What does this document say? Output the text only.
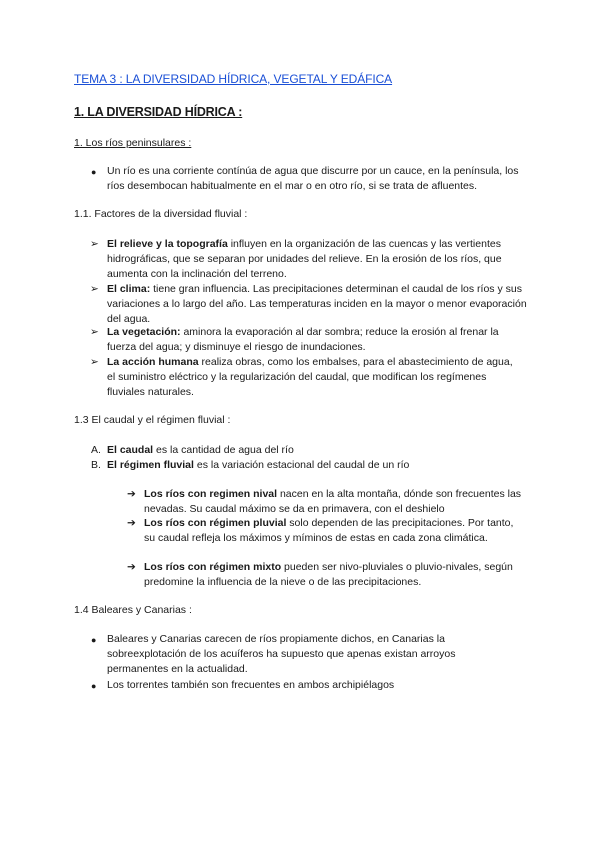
TEMA 3 : LA DIVERSIDAD HÍDRICA, VEGETAL Y EDÁFICA
1. LA DIVERSIDAD HÍDRICA :
1. Los ríos peninsulares :
● Un río es una corriente contínúa de agua que discurre por un cauce, en la península, los ríos desembocan habitualmente en el mar o en otro río, si se trata de afluentes.
1.1. Factores de la diversidad fluvial :
➢ El relieve y la topografía influyen en la organización de las cuencas y las vertientes hidrográficas, que se separan por unidades del relieve. En la erosión de los ríos, que aumenta con la inclinación del terreno.
➢ El clima: tiene gran influencia. Las precipitaciones determinan el caudal de los ríos y sus variaciones a lo largo del año. Las temperaturas inciden en la mayor o menor evaporación del agua.
➢ La vegetación: aminora la evaporación al dar sombra; reduce la erosión al frenar la fuerza del agua; y disminuye el riesgo de inundaciones.
➢ La acción humana realiza obras, como los embalses, para el abastecimiento de agua, el suministro eléctrico y la regularización del caudal, que modifican los regímenes fluviales naturales.
1.3 El caudal y el régimen fluvial :
A. El caudal es la cantidad de agua del río
B. El régimen fluvial es la variación estacional del caudal de un río
➔ Los ríos con regimen nival nacen en la alta montaña, dónde son frecuentes las nevadas. Su caudal máximo se da en primavera, con el deshielo
➔ Los ríos con régimen pluvial solo dependen de las precipitaciones. Por tanto, su caudal refleja los máximos y míminos de estas en cada zona climática.
➔ Los ríos con régimen mixto pueden ser nivo-pluviales o pluvio-nivales, según predomine la influencia de la nieve o de las precipitaciones.
1.4 Baleares y Canarias :
● Baleares y Canarias carecen de ríos propiamente dichos, en Canarias la sobreexplotación de los acuíferos ha supuesto que apenas existan arroyos permanentes en la actualidad.
● Los torrentes también son frecuentes en ambos archipiélagos
